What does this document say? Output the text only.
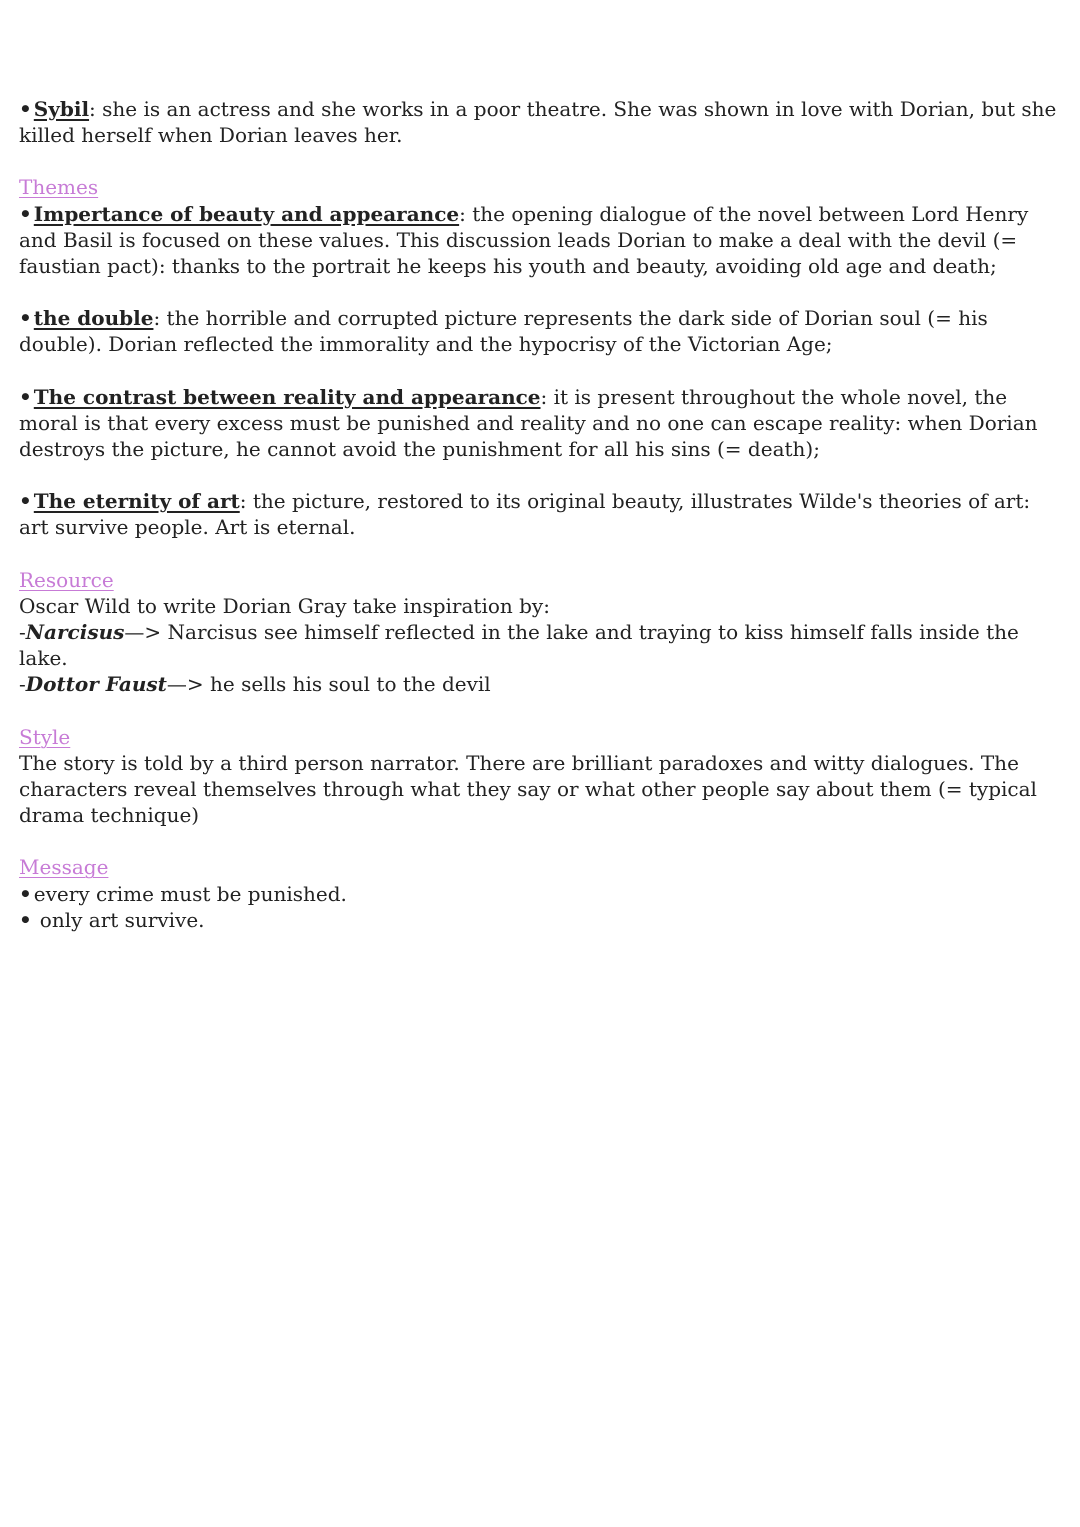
• Sybil: she is an actress and she works in a poor theatre. She was shown in love with Dorian, but she killed herself when Dorian leaves her.

Themes

• Impertance of beauty and appearance: the opening dialogue of the novel between Lord Henry and Basil is focused on these values. This discussion leads Dorian to make a deal with the devil (= faustian pact): thanks to the portrait he keeps his youth and beauty, avoiding old age and death;

• the double: the horrible and corrupted picture represents the dark side of Dorian soul (= his double). Dorian reflected the immorality and the hypocrisy of the Victorian Age;

• The contrast between reality and appearance: it is present throughout the whole novel, the moral is that every excess must be punished and reality and no one can escape reality: when Dorian destroys the picture, he cannot avoid the punishment for all his sins (= death);

• The eternity of art: the picture, restored to its original beauty, illustrates Wilde's theories of art: art survive people. Art is eternal.

Resource

Oscar Wild to write Dorian Gray take inspiration by:

-Narcisus—> Narcisus see himself reflected in the lake and traying to kiss himself falls inside the lake.

-Dottor Faust—> he sells his soul to the devil

Style

The story is told by a third person narrator. There are brilliant paradoxes and witty dialogues. The characters reveal themselves through what they say or what other people say about them (= typical drama technique)

Message

• every crime must be punished.

• only art survive.
